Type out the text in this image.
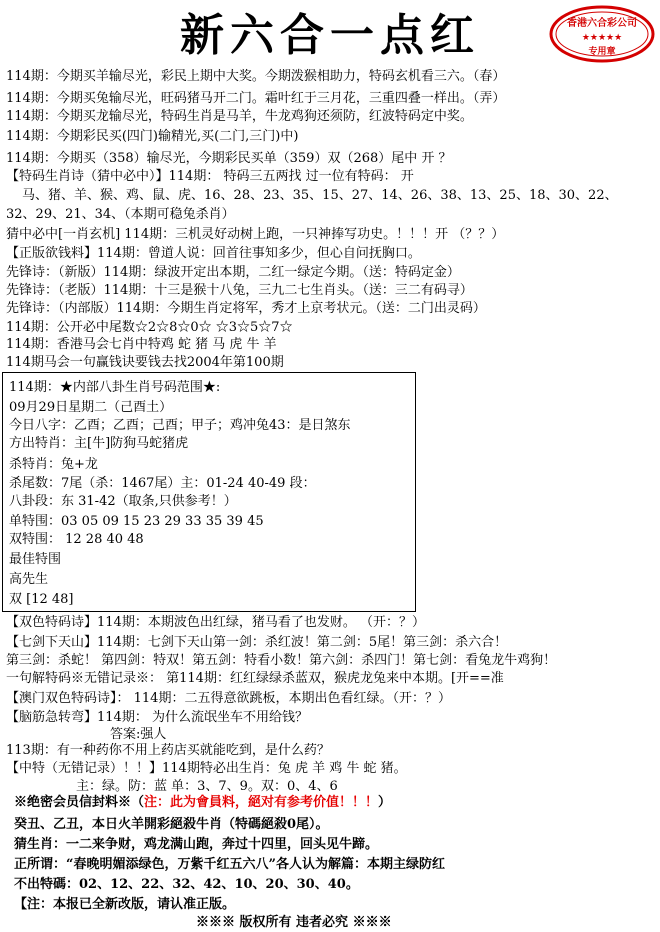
新六合一点红	香港六合彩公司
★★★★★
专用章
114期：今期买羊输尽光，彩民上期中大奖。今期泼猴相助力，特码玄机看三六。（春）
114期：今期买兔输尽光，旺码猪马开二门。霜叶红于三月花，三重四叠一样出。（弄）
114期：今期买龙输尽光，特码生肖是马羊，牛龙鸡狗还须防，红波特码定中奖。
114期：今期彩民买(四门)输精光,买(二门,三门)中)
114期：今期买（358）输尽光，今期彩民买单（359）双（268）尾中 开 ？
【特码生肖诗（猜中必中）】114期： 特码三五两找 过一位有特码： 开
马、猪、羊、猴、鸡、鼠、虎、16、28、23、35、15、27、14、26、38、13、25、18、30、22、
32、29、21、34、（本期可稳兔杀肖）
猜中必中[一肖玄机] 114期：三机灵好动树上跑，一只神捧写功史。！！！开 （？？）
【正版欲钱料】114期：曾道人说：回首往事知多少，但心自问抚胸口。
先锋诗：（新版）114期：绿波开定出本期，二红一绿定今期。（送：特码定金）
先锋诗：（老版）114期：十三是猴十八兔，三九二七生肖头。（送：三二有码寻）
先锋诗：（内部版）114期：今期生肖定将军，秀才上京考状元。（送：二门出灵码）
114期：公开必中尾数☆2☆8☆0☆ ☆3☆5☆7☆
114期：香港马会七肖中特鸡 蛇 猪 马 虎 牛 羊
114期马会一句赢钱诀要钱去找2004年第100期
114期：★内部八卦生肖号码范围★:
09月29日星期二（己酉土）
今日八字：乙酉；乙酉；己酉；甲子；鸡冲兔43：是日煞东
方出特肖：主[牛]防狗马蛇猪虎
杀特肖：兔+龙
杀尾数：7尾（杀：1467尾）主：01-24 40-49 段：
八卦段：东 31-42（取条,只供参考！）
单特围：03 05 09 15 23 29 33 35 39 45
双特围： 12 28 40 48
最佳特围
高先生
双 [12 48]
【双色特码诗】114期：本期波色出红绿，猪马看了也发财。 （开：？）
【七剑下天山】114期：七剑下天山第一剑：杀红波！第二剑：5尾！第三剑：杀六合！
第三剑：杀蛇！ 第四剑：特双！第五剑：特看小数！第六剑：杀四门！第七剑：看兔龙牛鸡狗！
一句解特码※无错记录※： 第114期：红红绿绿杀蓝双，猴虎龙兔来中本期。[开==准
【澳门双色特码诗】： 114期：二五得意欲跳板，本期出色看红绿。（开：？）
【脑筋急转弯】114期： 为什么流氓坐车不用给钱？
答案:强人
113期：有一种药你不用上药店买就能吃到，是什么药？
【中特（无错记录）！！】114期特必出生肖：兔 虎 羊 鸡 牛 蛇 猪。
主：绿。防：蓝 单：3、7、9。双：0、4、6
※绝密会员信封料※（注：此为會員料，絕对有参考价值！！！）
癸丑、乙丑，本日火羊開彩絕殺牛肖（特碼絕殺0尾）。
猜生肖：一二来争财，鸡龙满山跑，奔过十四里，回头见牛蹄。
正所谓：“春晚明媚添绿色，万紫千红五六八”各人认为解篇：本期主绿防红
不出特碼：02、12、22、32、42、10、20、30、40。
【注：本报已全新改版，请认准正版。
※※※ 版权所有 违者必究 ※※※
